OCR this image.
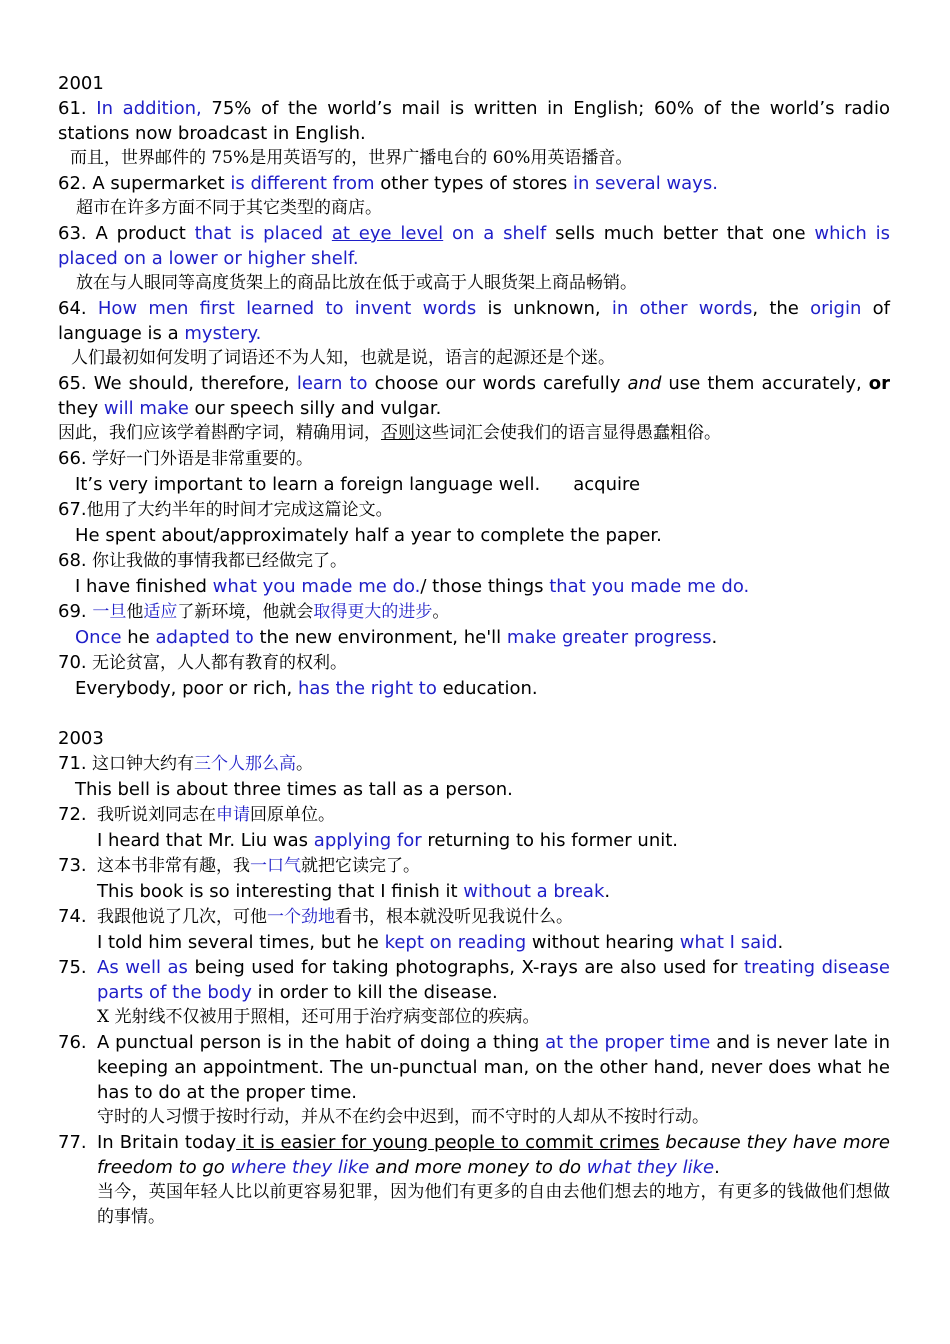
2001

61. In addition, 75% of the world’s mail is written in English; 60% of the world’s radio stations now broadcast in English.

而且，世界邮件的 75%是用英语写的，世界广播电台的 60%用英语播音。

62. A supermarket is different from other types of stores in several ways.

超市在许多方面不同于其它类型的商店。

63. A product that is placed at eye level on a shelf sells much better that one which is placed on a lower or higher shelf.

放在与人眼同等高度货架上的商品比放在低于或高于人眼货架上商品畅销。

64. How men first learned to invent words is unknown, in other words, the origin of language is a mystery.

人们最初如何发明了词语还不为人知，也就是说，语言的起源还是个迷。

65. We should, therefore, learn to choose our words carefully and use them accurately, or they will make our speech silly and vulgar.

因此，我们应该学着斟酌字词，精确用词，否则这些词汇会使我们的语言显得愚蠢粗俗。

66. 学好一门外语是非常重要的。

It’s very important to learn a foreign language well. acquire

67.他用了大约半年的时间才完成这篇论文。

He spent about/approximately half a year to complete the paper.

68. 你让我做的事情我都已经做完了。

I have finished what you made me do./ those things that you made me do.

69. 一旦他适应了新环境，他就会取得更大的进步。

Once he adapted to the new environment, he'll make greater progress.

70. 无论贫富，人人都有教育的权利。

Everybody, poor or rich, has the right to education.

2003

71. 这口钟大约有三个人那么高。

This bell is about three times as tall as a person.

72. 我听说刘同志在申请回原单位。

I heard that Mr. Liu was applying for returning to his former unit.

73. 这本书非常有趣，我一口气就把它读完了。

This book is so interesting that I finish it without a break.

74. 我跟他说了几次，可他一个劲地看书，根本就没听见我说什么。

I told him several times, but he kept on reading without hearing what I said.

75. As well as being used for taking photographs, X-rays are also used for treating disease parts of the body in order to kill the disease.

X 光射线不仅被用于照相，还可用于治疗病变部位的疾病。

76. A punctual person is in the habit of doing a thing at the proper time and is never late in keeping an appointment. The un-punctual man, on the other hand, never does what he has to do at the proper time.

守时的人习惯于按时行动，并从不在约会中迟到，而不守时的人却从不按时行动。

77. In Britain today it is easier for young people to commit crimes because they have more freedom to go where they like and more money to do what they like.

当今，英国年轻人比以前更容易犯罪，因为他们有更多的自由去他们想去的地方，有更多的钱做他们想做的事情。
